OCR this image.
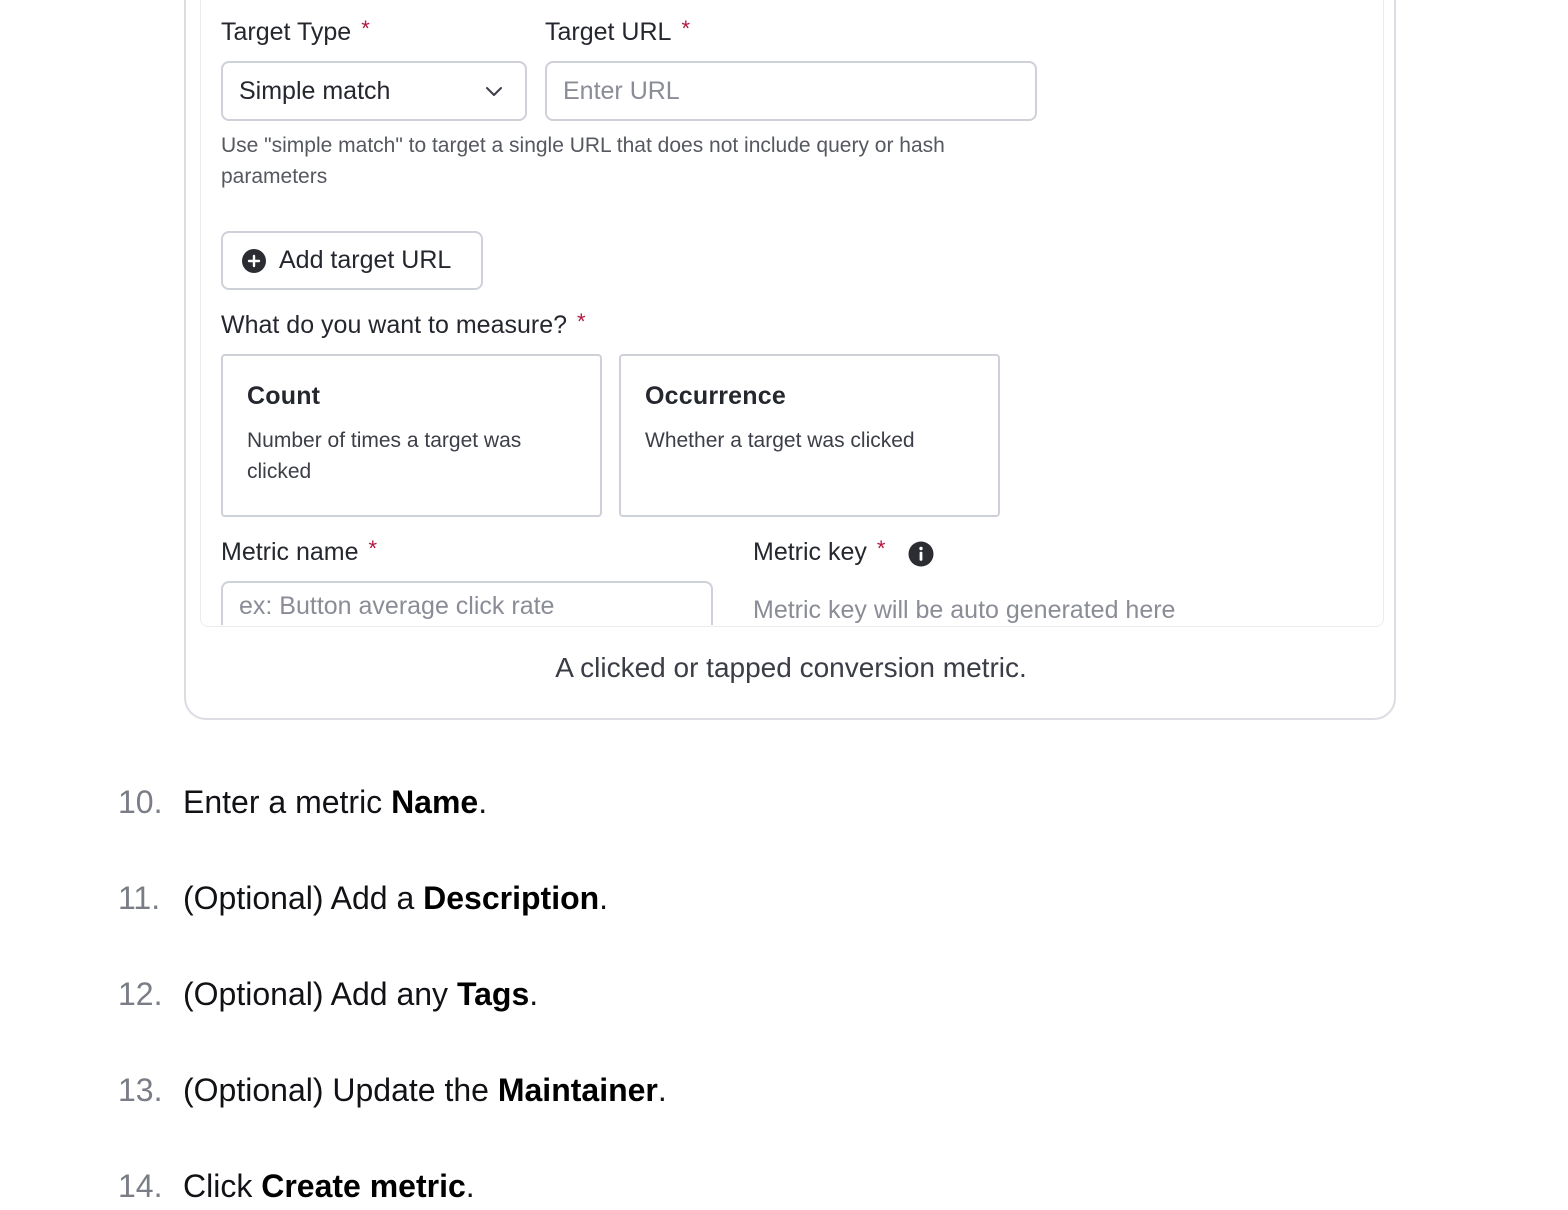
Target Type *
Simple match
Target URL *
Enter URL
Use "simple match" to target a single URL that does not include query or hash parameters
Add target URL
What do you want to measure? *
Count
Number of times a target was clicked
Occurrence
Whether a target was clicked
Metric name *
ex: Button average click rate	Metric key *
Metric key will be auto generated here
A clicked or tapped conversion metric.
10. Enter a metric Name.
11. (Optional) Add a Description.
12. (Optional) Add any Tags.
13. (Optional) Update the Maintainer.
14. Click Create metric.
